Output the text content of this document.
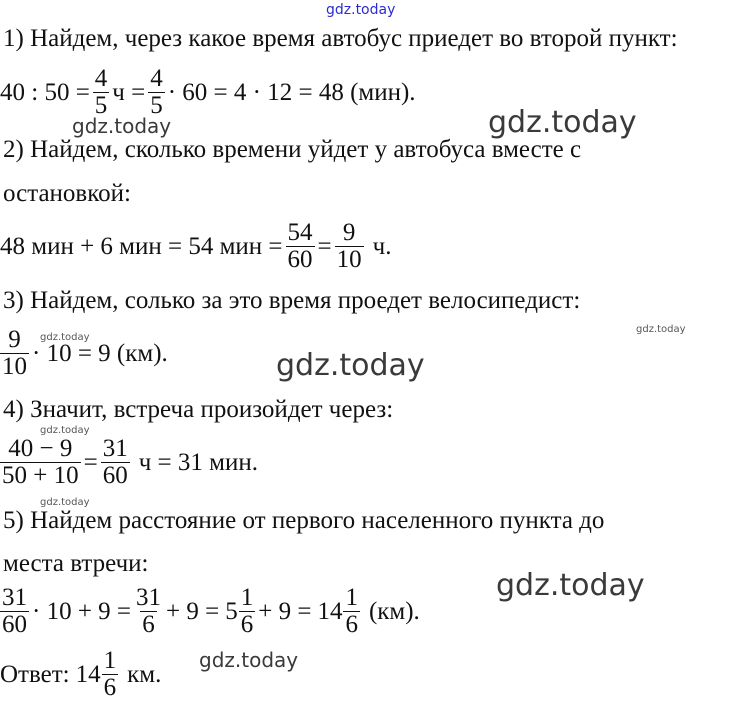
gdz.today
gdz.today	gdz.today
gdz.today
gdz.today
gdz.today
gdz.today
gdz.today
gdz.today
gdz.today
1) Найдем, через какое время автобус приедет во второй пункт:
40 : $50 = \frac{4}{5}$ $ч = \frac{4}{5} \cdot 60 = 4 \cdot 12 = 48$ (мин).
2) Найдем, сколько времени уйдет у автобуса вместе с
остановкой:
48 мин + 6 мин = 54 мин = $\frac{54}{60} = \frac{9}{10} ч$.
3) Найдем, солько за это время проедет велосипедист:
$\frac{9}{10} \cdot 10 = 9$ (км).
4) Значит, встреча произойдет через:
$\frac{40 - 9}{50 + 10} = \frac{31}{60}$ ч = 31 мин.
5) Найдем расстояние от первого населенного пункта до
места втречи:
$\frac{31}{60} \cdot 10 + 9 = \frac{31}{6} + 9 = 5 \frac{1}{6} + 9 = 14 \frac{1}{6} (км)$.
Ответ: $14 \frac{1}{6}$ км.
